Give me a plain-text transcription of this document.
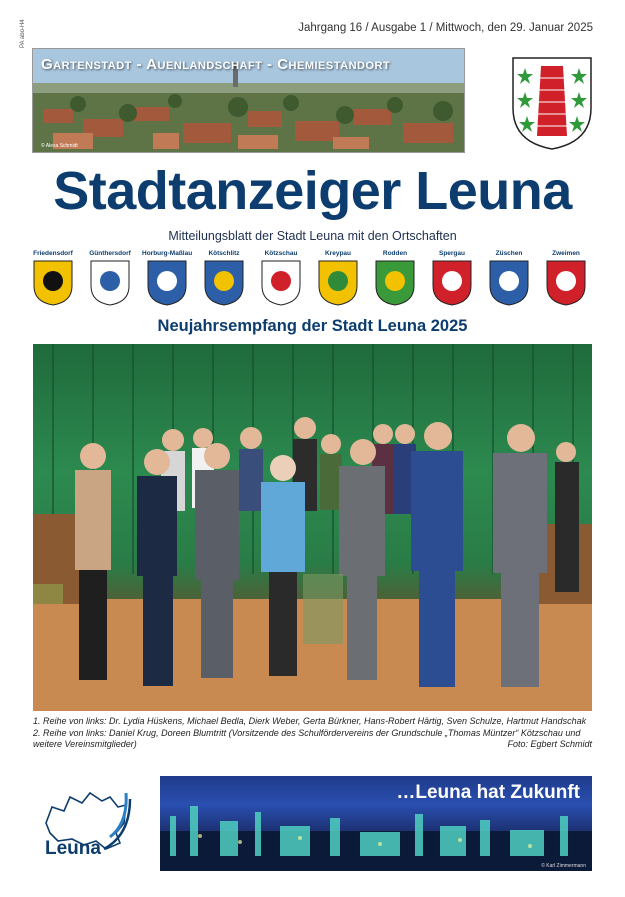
Jahrgang 16 / Ausgabe 1 / Mittwoch, den 29. Januar 2025
PA abo-H4
Gartenstadt - Auenlandschaft - Chemiestandort
© Alexa Schmidt
Stadtanzeiger Leuna
Mitteilungsblatt der Stadt Leuna mit den Ortschaften
Friedensdorf	Günthersdorf	Horburg-Maßlau	Kötschlitz	Kötzschau	Kreypau	Rodden	Spergau	Züschen	Zweimen
Neujahrsempfang der Stadt Leuna 2025
1. Reihe von links: Dr. Lydia Hüskens, Michael Bedla, Dierk Weber, Gerta Bürkner, Hans-Robert Härtig, Sven Schulze, Hartmut Handschak
2. Reihe von links: Daniel Krug, Doreen Blumtritt (Vorsitzende des Schulfördervereins der Grundschule „Thomas Müntzer“ Kötzschau und weitere Vereinsmitglieder)	Foto: Egbert Schmidt
Leuna
…Leuna hat Zukunft
© Karl Zimmermann
